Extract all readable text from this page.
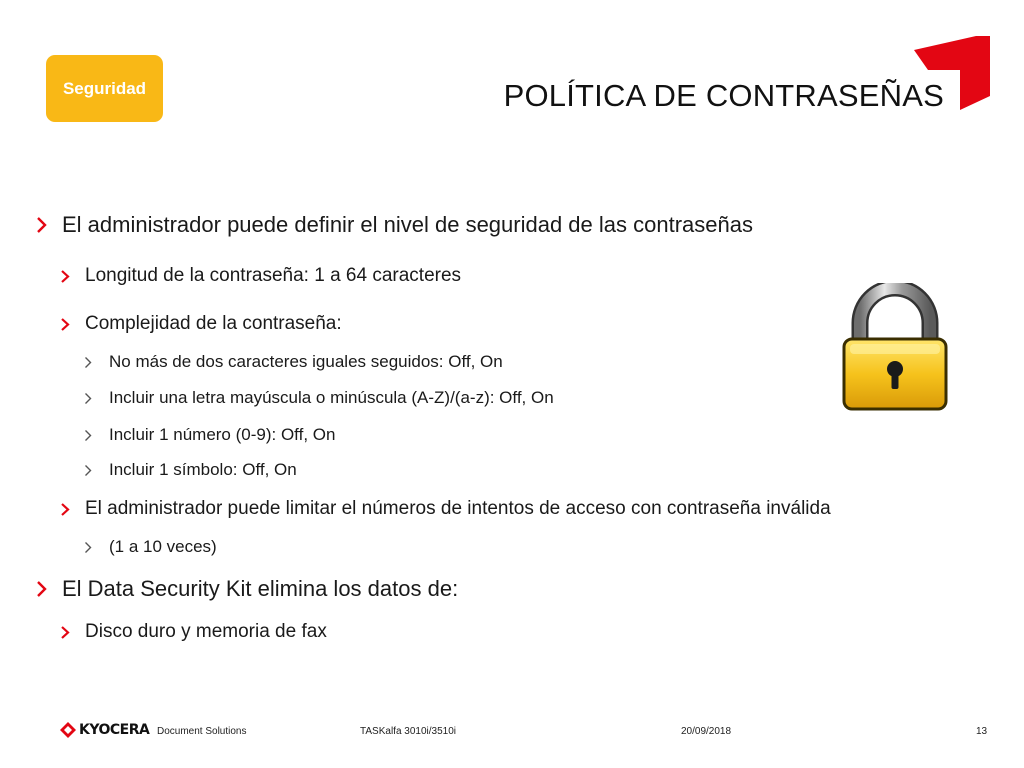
Seguridad	POLÍTICA DE CONTRASEÑAS
El administrador puede definir el nivel de seguridad de las contraseñas
Longitud de la contraseña: 1 a 64 caracteres
Complejidad de la contraseña:
No más de dos caracteres iguales seguidos: Off, On
Incluir una letra mayúscula o minúscula (A-Z)/(a-z): Off, On
Incluir 1 número (0-9): Off, On
Incluir 1 símbolo: Off, On
El administrador puede limitar el números de intentos de acceso con contraseña inválida
(1 a 10 veces)
El Data Security Kit elimina los datos de:
Disco duro y memoria de fax
KYOCERA Document Solutions	TASKalfa 3010i/3510i	20/09/2018	13
